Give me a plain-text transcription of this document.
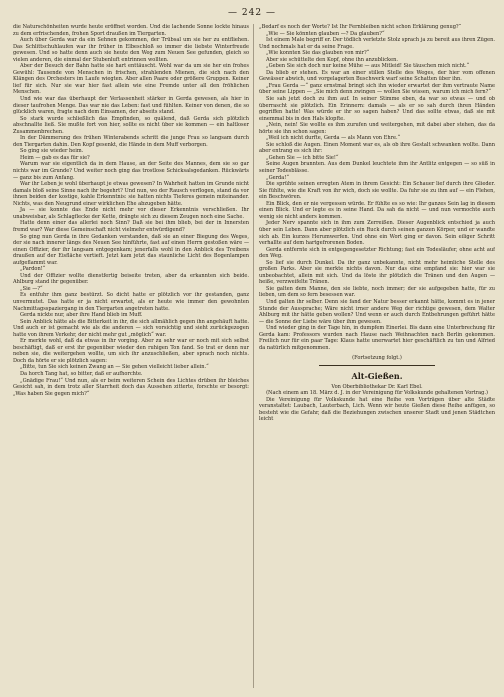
— 242 —

die Naturschönheiten wurde heute eröffnet worden. Und die lachende Sonne lockte hinaus zu dem erfrischenden, frohen Sport draußen im Tiergarten.

Auch über Gerda war da ein Sehnen gekommen, der Trübsal um sie her zu entfliehen. Das Schlittschuhlaufen war ihr früher in Elbeschloß so immer die liebste Winterfreude gewesen. Und so hatte denn auch sie heute den Weg zum Neuen See gefunden, gleich so vielen anderen, die einmal der Stubenluft entrinnen wollten.

Aber der Besuch der Bahn hatte sie hart enttäuscht. Wohl war da um sie her ein frohes Gewühl: Tausende von Menschen in frischen, strahlenden Mienen, die sich nach den Klängen des Orchesters im Laufe wiegten. Aber allen Paare oder größere Gruppen. Keiner lief für sich. Nur sie war hier fast allein wie eine Fremde unter all den fröhlichen Menschen.

Und wie war das überhaupt der Verlassenheit stärker in Gerda gewesen, als hier in dieser taufrohen Menge. Das war nie das Leben: fast und fühlten. Keiner von denen, die so glücklich waren, fragte nach dem Einsamen, der abseits stand.

So stark wurde schließlich das Empfinden, so quälend, daß Gerda sich plötzlich abschnallte ließ. Sie mußte fort von hier, sollte es nicht über sie kommen — ein haltloser Zusammenbrechen.

In der Dämmerung des frühen Winterabends schritt die junge Frau so langsam durch den Tiergarten dahin. Den Kopf gesenkt, die Hände in dem Muff verborgen.

So ging sie wieder heim.

Heim — gab es das für sie?

Warum war sie eigentlich da in dem Hause, an der Seite des Mannes, dem sie so gar nichts war im Grunde? Und weiter noch ging das trostlose Schicksalsgedanken. Rückwärts — ganz bis zum Anfang.

War ihr Leben je wohl überhaupt je etwas gewesen? In Wahrheit hatten im Grunde nicht damals bloß seine Sinne nach ihr begehrt? Und nun, wo der Rausch verflogen, stand da vor ihnen beiden der kostige, kahle Erkenntnis: sie hatten nichts Tieferes gemein miteinander. Nichts, was den Neugrund einer wirklichen Ehe abzugeben hätte.

Ja — sie konnte das Ende nicht mehr vor dieser Erkenntnis verschließen. Ihr unabweisbar, als Schlagflecke der Kette, drängte sich zu diesem Zeugen noch eine Sache.

Hatte denn einer das allerlei noch Sinn? Daß sie bei ihm blieb, bei der in Innersten fremd war? War diese Gemeinschaft nicht vielmehr entwürdigend?

So ging nun Gerda in ihre Gedanken verstanden, daß sie an einer Biegung des Weges, der sie nach innerer längs des Neuen See hinführte, fast auf einen Herrn gestoßen wäre — einen Offizier, der ihr langsam entgegenkam; jenerfalls wohl in den Anblick des Treibens draußen auf der Eisfläche vertieft. Jetzt kam jetzt das staunliche Licht des Bogenlampen aufgeflammt war.

„Pardon!“

Und der Offizier wollte dienstfertig beiseite treten, aber da erkannten sich beide. Ahlburg stand ihr gegenüber.

„Sie —?“

Es entfuhr ihm ganz bestürzt. So dicht hatte er plötzlich vor ihr gestanden, ganz unvermutet. Das hatte er ja nicht erwartet, als er heute wie immer den gewohnten Nachmittagsspaziergang in den Tiergarten angetreten hatte.

Gerda nickte nur, aber ihre Hand blieb im Muff.

Sein Anblick hätte als die Bitterkeit in ihr, die sich allmählich gegen ihn angehäuft hatte. Und auch er ist gemacht wie als die anderen — sich vorsichtig und sieht zurückgezogen hatte von ihrem Verkehr, der nicht mehr gut „möglich“ war.

Er merkte wohl, daß da etwas in ihr vorging. Aber zu sehr war er noch mit sich selbst beschäftigt, daß er erst ihr gegenüber wieder den ruhigen Ton fand. So trat er denn nur neben sie, die weitergehen wollte, um sich ihr anzuschließen, aber sprach noch nichts. Doch da hörte er sie plötzlich sagen:

„Bitte, tun Sie sich keinen Zwang an — Sie gehen vielleicht lieber allein.“

Da horch Tang hat, so bitter, daß er aufhorchte.

„Gnädige Frau!“ Und nun, als er beim weiteren Schein des Lichtes drüben ihr bleiches Gesicht sah, in dem trotz aller Starrheit doch das Aussehen zitterte, forschte er besorgt: „Was haben Sie gegen mich?“

„Bedarf es noch der Worte? Ist Ihr Fernbleiben nicht schon Erklärung genug?“

„Wie — Sie könnten glauben —? Da glauben?“

Ist einem Male begriff er. Der tödlich verletzte Stolz sprach ja zu bereit aus ihren Zügen. Und nochmals hat er da seine Frage.

„Wie konnten Sie das glauben von mir?“

Aber sie schüttelte den Kopf, ohne ihn anzublicken.

„Geben Sie sich doch nur keine Mühe — aus Mitleid! Sie täuschen mich nicht.“

Da blieb er stehen. Es war an einer stillen Stelle des Weges, der hier vom offenen Gewässer abwich, und vorgelagerten Buschwerk warf seine Schatten über ihn.

„Frau Gerda —“ ganz ernstmal bringt sich ihn wieder erwartet der ihm vertraute Name über seine Lippen — „Sie mich denn zwingen — wollen Sie wissen, warum ich mich fern?“

Sie sah jetzt doch zu ihm auf. In seiner Stimme eben, da war so etwas — und ob überrascht sie plötzlich. Ein Erinnern: damals — als er so sah durch ihren Händen gegriffen hatte! Was würde er ihr so sagen haben? Und das sollte etwas, daß sie mit einemmal bis in den Hals klopfte.

„Nein, nein! Sie wollte es ihm zurufen und weitergehen, mit dabei aber stehen, das da hörte sie ihn schon sagen:

„Weil ich nicht durfte, Gerda — als Mann von Ehre.“

Sie schloß die Augen. Einen Moment war es, als ob ihre Gestalt schwanken wollte. Dann aber entrang es sich ihr:

„Gehen Sie — ich bitte Sie!“

Seine Augen brannten. Aus dem Dunkel leuchtete ihm ihr Antlitz entgegen — so süß in seiner Todesblässe.

„Gerda!“

Die sprühte seinen erregten Atem in ihrem Gesicht: Ein Schauer lief durch ihre Glieder. Sie fühlte, wie die Kraft von ihr wich, doch sie wollte. Da fuhr sie zu ihm auf — ein Flehen, ein Beschwören.

Ein Blick, den er nie vergessen würde. Er fühlte es so wie: Ihr ganzes Sein lag in diesem einen Blick. Und er legte es in seine Hand. Da sah da nicht — und nun vermochte auch wenig sie nicht anders kommen.

Jeder Nerv spannte sich in ihm zum Zerreißen. Dieser Augenblick entschied ja auch über sein Leben. Dann aber plötzlich ein Ruck durch seinen ganzen Körper, und er wandte sich ab. Ein kurzes Herumwerfen. Und ohne ein Wort ging er davon. Sein eiliger Schritt verhallte auf dem hartgefrorenen Boden.

Gerda entfernte sich in entgegengesetzter Richtung; fast ein Todesläufer, ohne acht auf den Weg.

So lief sie durch Dunkel. Da ihr ganz unbekannte, nicht mehr heimliche Stelle des großen Parks. Aber sie merkte nichts davon. Nur das eine empfand sie: hier war sie unbeobachtet, allein mit sich. Und da löste ihr plötzlich die Tränen und den Augen — heiße, verzweifelte Tränen.

Sie galten dem Manne, den sie liebte, noch immer; der sie aufgegeben hatte, für zu lieben, um dem so fern besessen war.

Und galten ihr selber. Denn sie fand der Natur besser erkannt hätte, kommt es in jener Stunde der Aussprache; Wäre nicht irner andere Weg der richtige gewesen, dem Walter Ahlburg mit ihr hätte geben wollen? Und wenn er auch durch Entbehrungen geführt hätte — die Sonne der Liebe wäre über ihm gewesen.

Und wieder ging in der Tage hin, in dumpfem Einerlei. Bis dann eine Unterbrechung für Gerda kam: Professors wurden nach Hause nach Weihnachten nach Berlin gekommen. Freilich nur für ein paar Tage: Klaus hatte unerwartet hier geschäftlich zu tun und Alfried da natürlich mitgenommen.

(Fortsetzung folgt.)

Alt-Gießen.

Von Oberbibliothekar Dr. Karl Ebel.

(Nach einem am 18. März d. J. in der Vereinigung für Volkskunde gehaltenen Vortrag.)

Die Vereinigung für Volkskunde hat eine Reihe von Vorträgen über alte Städte veranstaltet: Laubach, Lauterbach, Lich. Wenn wir heute Gießen diese Reihe anfügen, so besteht wie die Gefahr, daß die Beziehungen zwischen unserer Stadt und jenen Städtchen leicht
